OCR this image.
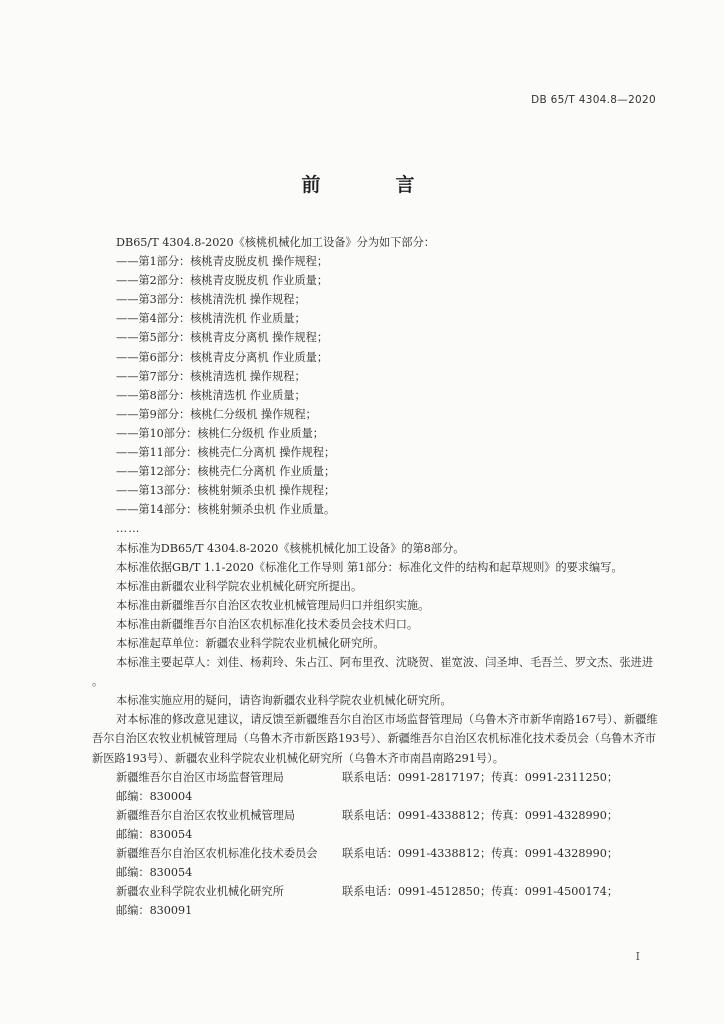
DB 65/T 4304.8—2020
前　言

DB65/T 4304.8-2020《核桃机械化加工设备》分为如下部分：

——第1部分：核桃青皮脱皮机 操作规程；

——第2部分：核桃青皮脱皮机 作业质量；

——第3部分：核桃清洗机 操作规程；

——第4部分：核桃清洗机 作业质量；

——第5部分：核桃青皮分离机 操作规程；

——第6部分：核桃青皮分离机 作业质量；

——第7部分：核桃清选机 操作规程；

——第8部分：核桃清选机 作业质量；

——第9部分：核桃仁分级机 操作规程；

——第10部分：核桃仁分级机 作业质量；

——第11部分：核桃壳仁分离机 操作规程；

——第12部分：核桃壳仁分离机 作业质量；

——第13部分：核桃射频杀虫机 操作规程；

——第14部分：核桃射频杀虫机 作业质量。

……

本标准为DB65/T 4304.8-2020《核桃机械化加工设备》的第8部分。

本标准依据GB/T 1.1-2020《标准化工作导则 第1部分：标准化文件的结构和起草规则》的要求编写。

本标准由新疆农业科学院农业机械化研究所提出。

本标准由新疆维吾尔自治区农牧业机械管理局归口并组织实施。

本标准由新疆维吾尔自治区农机标准化技术委员会技术归口。

本标准起草单位：新疆农业科学院农业机械化研究所。

本标准主要起草人：刘佳、杨莉玲、朱占江、阿布里孜、沈晓贺、崔宽波、闫圣坤、毛吾兰、罗文杰、张进进 。

本标准实施应用的疑问，请咨询新疆农业科学院农业机械化研究所。

对本标准的修改意见建议，请反馈至新疆维吾尔自治区市场监督管理局（乌鲁木齐市新华南路167号）、新疆维吾尔自治区农牧业机械管理局（乌鲁木齐市新医路193号）、新疆维吾尔自治区农机标准化技术委员会（乌鲁木齐市新医路193号）、新疆农业科学院农业机械化研究所（乌鲁木齐市南昌南路291号）。

新疆维吾尔自治区市场监督管理局	联系电话：0991-2817197；传真：0991-2311250；

邮编：830004

新疆维吾尔自治区农牧业机械管理局	联系电话：0991-4338812；传真：0991-4328990；

邮编：830054

新疆维吾尔自治区农机标准化技术委员会	联系电话：0991-4338812；传真：0991-4328990；

邮编：830054

新疆农业科学院农业机械化研究所	联系电话：0991-4512850；传真：0991-4500174；

邮编：830091

I
